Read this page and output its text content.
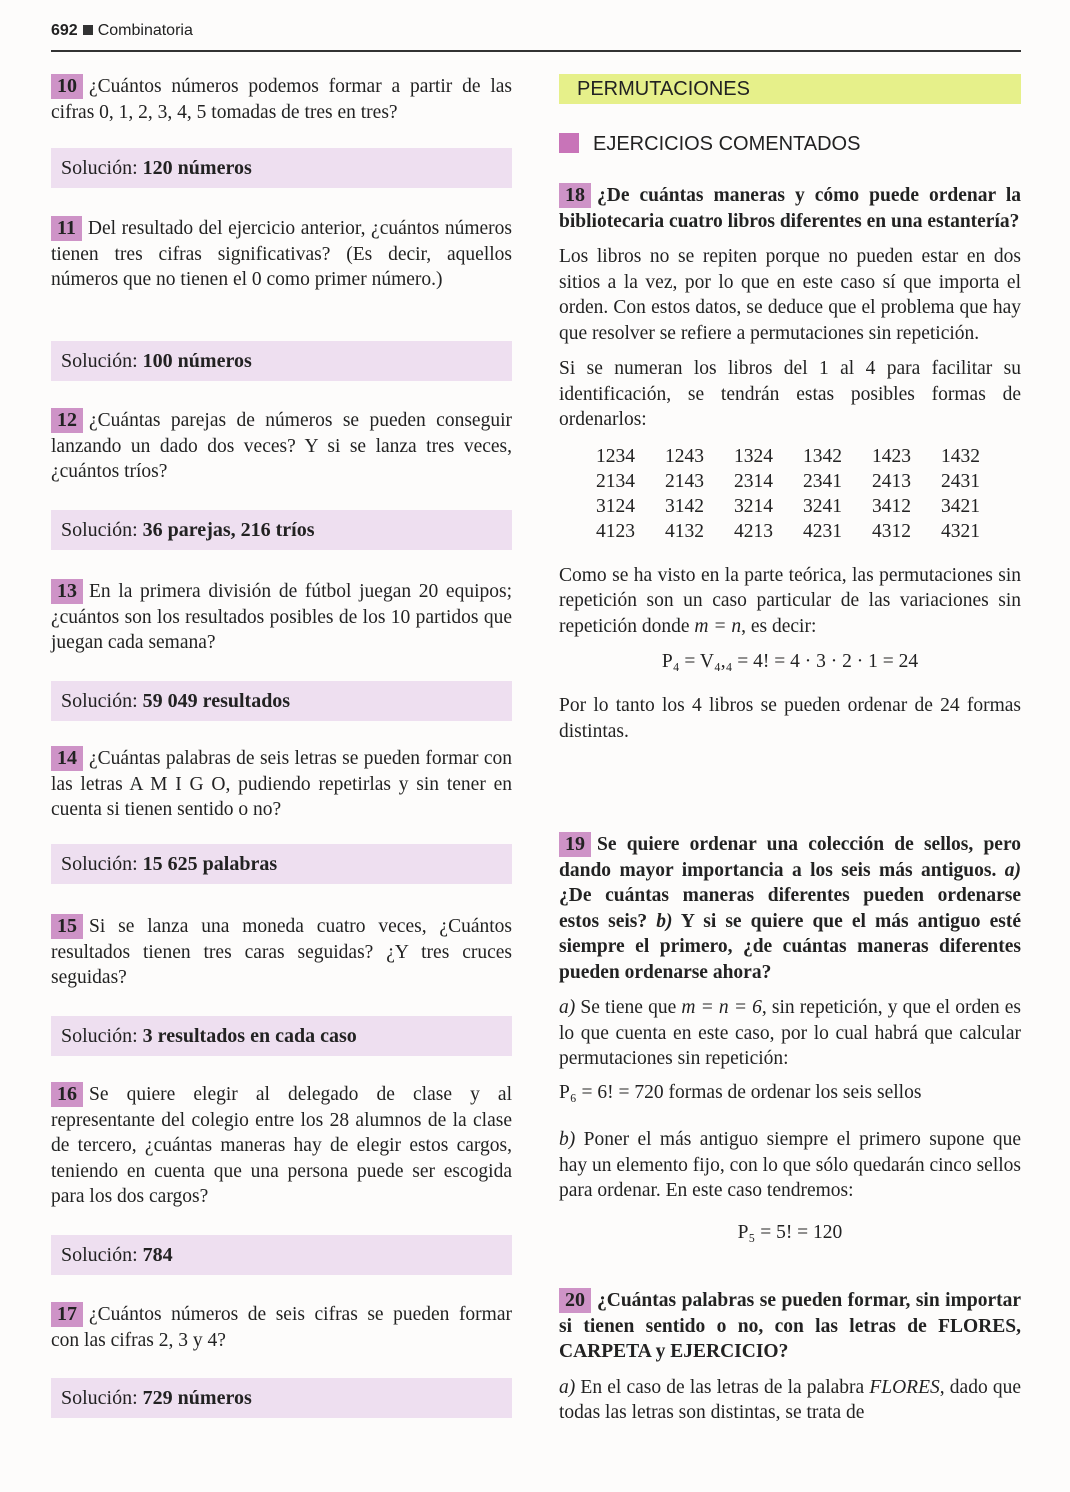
692 Combinatoria

10 ¿Cuántos números podemos formar a partir de las cifras 0, 1, 2, 3, 4, 5 tomadas de tres en tres?

Solución: 120 números

11 Del resultado del ejercicio anterior, ¿cuántos números tienen tres cifras significativas? (Es decir, aquellos números que no tienen el 0 como primer número.)

Solución: 100 números

12 ¿Cuántas parejas de números se pueden conseguir lanzando un dado dos veces? Y si se lanza tres veces, ¿cuántos tríos?

Solución: 36 parejas, 216 tríos

13 En la primera división de fútbol juegan 20 equipos; ¿cuántos son los resultados posibles de los 10 partidos que juegan cada semana?

Solución: 59 049 resultados

14 ¿Cuántas palabras de seis letras se pueden formar con las letras A M I G O, pudiendo repetirlas y sin tener en cuenta si tienen sentido o no?

Solución: 15 625 palabras

15 Si se lanza una moneda cuatro veces, ¿Cuántos resultados tienen tres caras seguidas? ¿Y tres cruces seguidas?

Solución: 3 resultados en cada caso

16 Se quiere elegir al delegado de clase y al representante del colegio entre los 28 alumnos de la clase de tercero, ¿cuántas maneras hay de elegir estos cargos, teniendo en cuenta que una persona puede ser escogida para los dos cargos?

Solución: 784

17 ¿Cuántos números de seis cifras se pueden formar con las cifras 2, 3 y 4?

Solución: 729 números
PERMUTACIONES
EJERCICIOS COMENTADOS

18 ¿De cuántas maneras y cómo puede ordenar la bibliotecaria cuatro libros diferentes en una estantería?

Los libros no se repiten porque no pueden estar en dos sitios a la vez, por lo que en este caso sí que importa el orden. Con estos datos, se deduce que el problema que hay que resolver se refiere a permutaciones sin repetición.

Si se numeran los libros del 1 al 4 para facilitar su identificación, se tendrán estas posibles formas de ordenarlos:

1234	1243	1324	1342	1423	1432
2134	2143	2314	2341	2413	2431
3124	3142	3214	3241	3412	3421
4123	4132	4213	4231	4312	4321

Como se ha visto en la parte teórica, las permutaciones sin repetición son un caso particular de las variaciones sin repetición donde m = n, es decir:

P₄ = V₄,₄ = 4! = 4 · 3 · 2 · 1 = 24

Por lo tanto los 4 libros se pueden ordenar de 24 formas distintas.

19 Se quiere ordenar una colección de sellos, pero dando mayor importancia a los seis más antiguos. a) ¿De cuántas maneras diferentes pueden ordenarse estos seis? b) Y si se quiere que el más antiguo esté siempre el primero, ¿de cuántas maneras diferentes pueden ordenarse ahora?

a) Se tiene que m = n = 6, sin repetición, y que el orden es lo que cuenta en este caso, por lo cual habrá que calcular permutaciones sin repetición:

P₆ = 6! = 720 formas de ordenar los seis sellos

b) Poner el más antiguo siempre el primero supone que hay un elemento fijo, con lo que sólo quedarán cinco sellos para ordenar. En este caso tendremos:

P₅ = 5! = 120

20 ¿Cuántas palabras se pueden formar, sin importar si tienen sentido o no, con las letras de FLORES, CARPETA y EJERCICIO?

a) En el caso de las letras de la palabra FLORES, dado que todas las letras son distintas, se trata de
